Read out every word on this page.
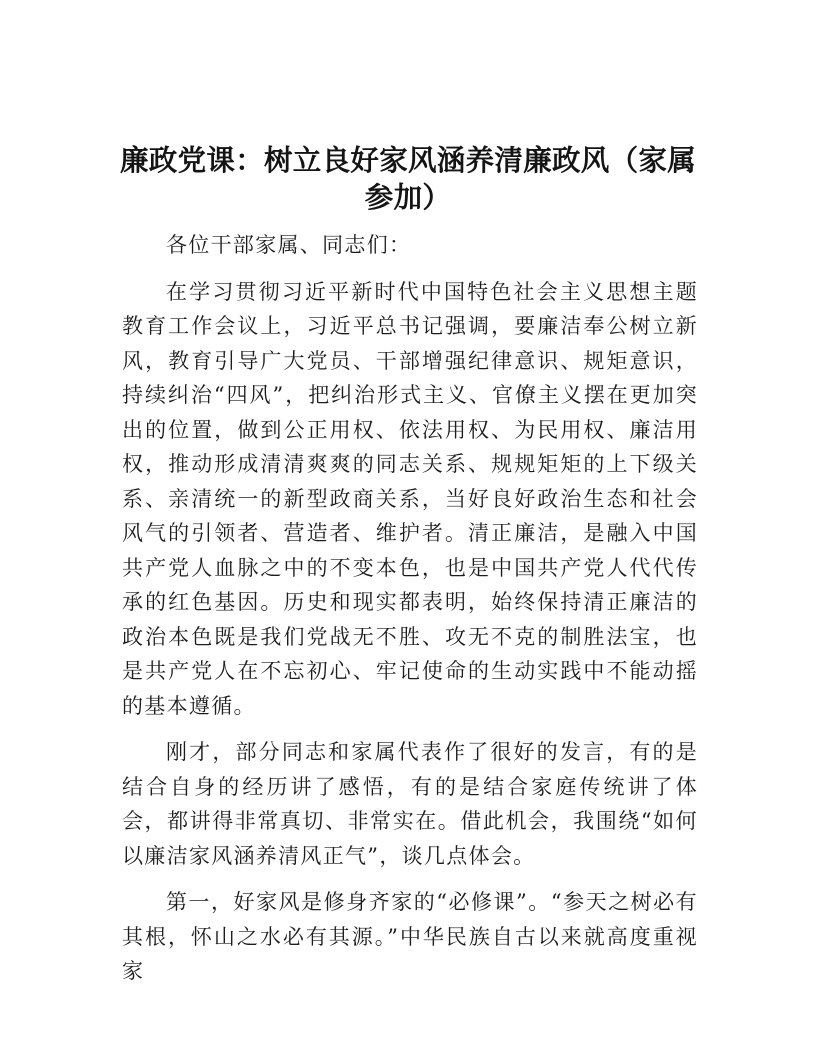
廉政党课：树立良好家风涵养清廉政风（家属参加）

各位干部家属、同志们：

在学习贯彻习近平新时代中国特色社会主义思想主题教育工作会议上，习近平总书记强调，要廉洁奉公树立新风，教育引导广大党员、干部增强纪律意识、规矩意识，持续纠治“四风”，把纠治形式主义、官僚主义摆在更加突出的位置，做到公正用权、依法用权、为民用权、廉洁用权，推动形成清清爽爽的同志关系、规规矩矩的上下级关系、亲清统一的新型政商关系，当好良好政治生态和社会风气的引领者、营造者、维护者。清正廉洁，是融入中国共产党人血脉之中的不变本色，也是中国共产党人代代传承的红色基因。历史和现实都表明，始终保持清正廉洁的政治本色既是我们党战无不胜、攻无不克的制胜法宝，也是共产党人在不忘初心、牢记使命的生动实践中不能动摇的基本遵循。

刚才，部分同志和家属代表作了很好的发言，有的是结合自身的经历讲了感悟，有的是结合家庭传统讲了体会，都讲得非常真切、非常实在。借此机会，我围绕“如何以廉洁家风涵养清风正气”，谈几点体会。

第一，好家风是修身齐家的“必修课”。“参天之树必有其根，怀山之水必有其源。”中华民族自古以来就高度重视家
